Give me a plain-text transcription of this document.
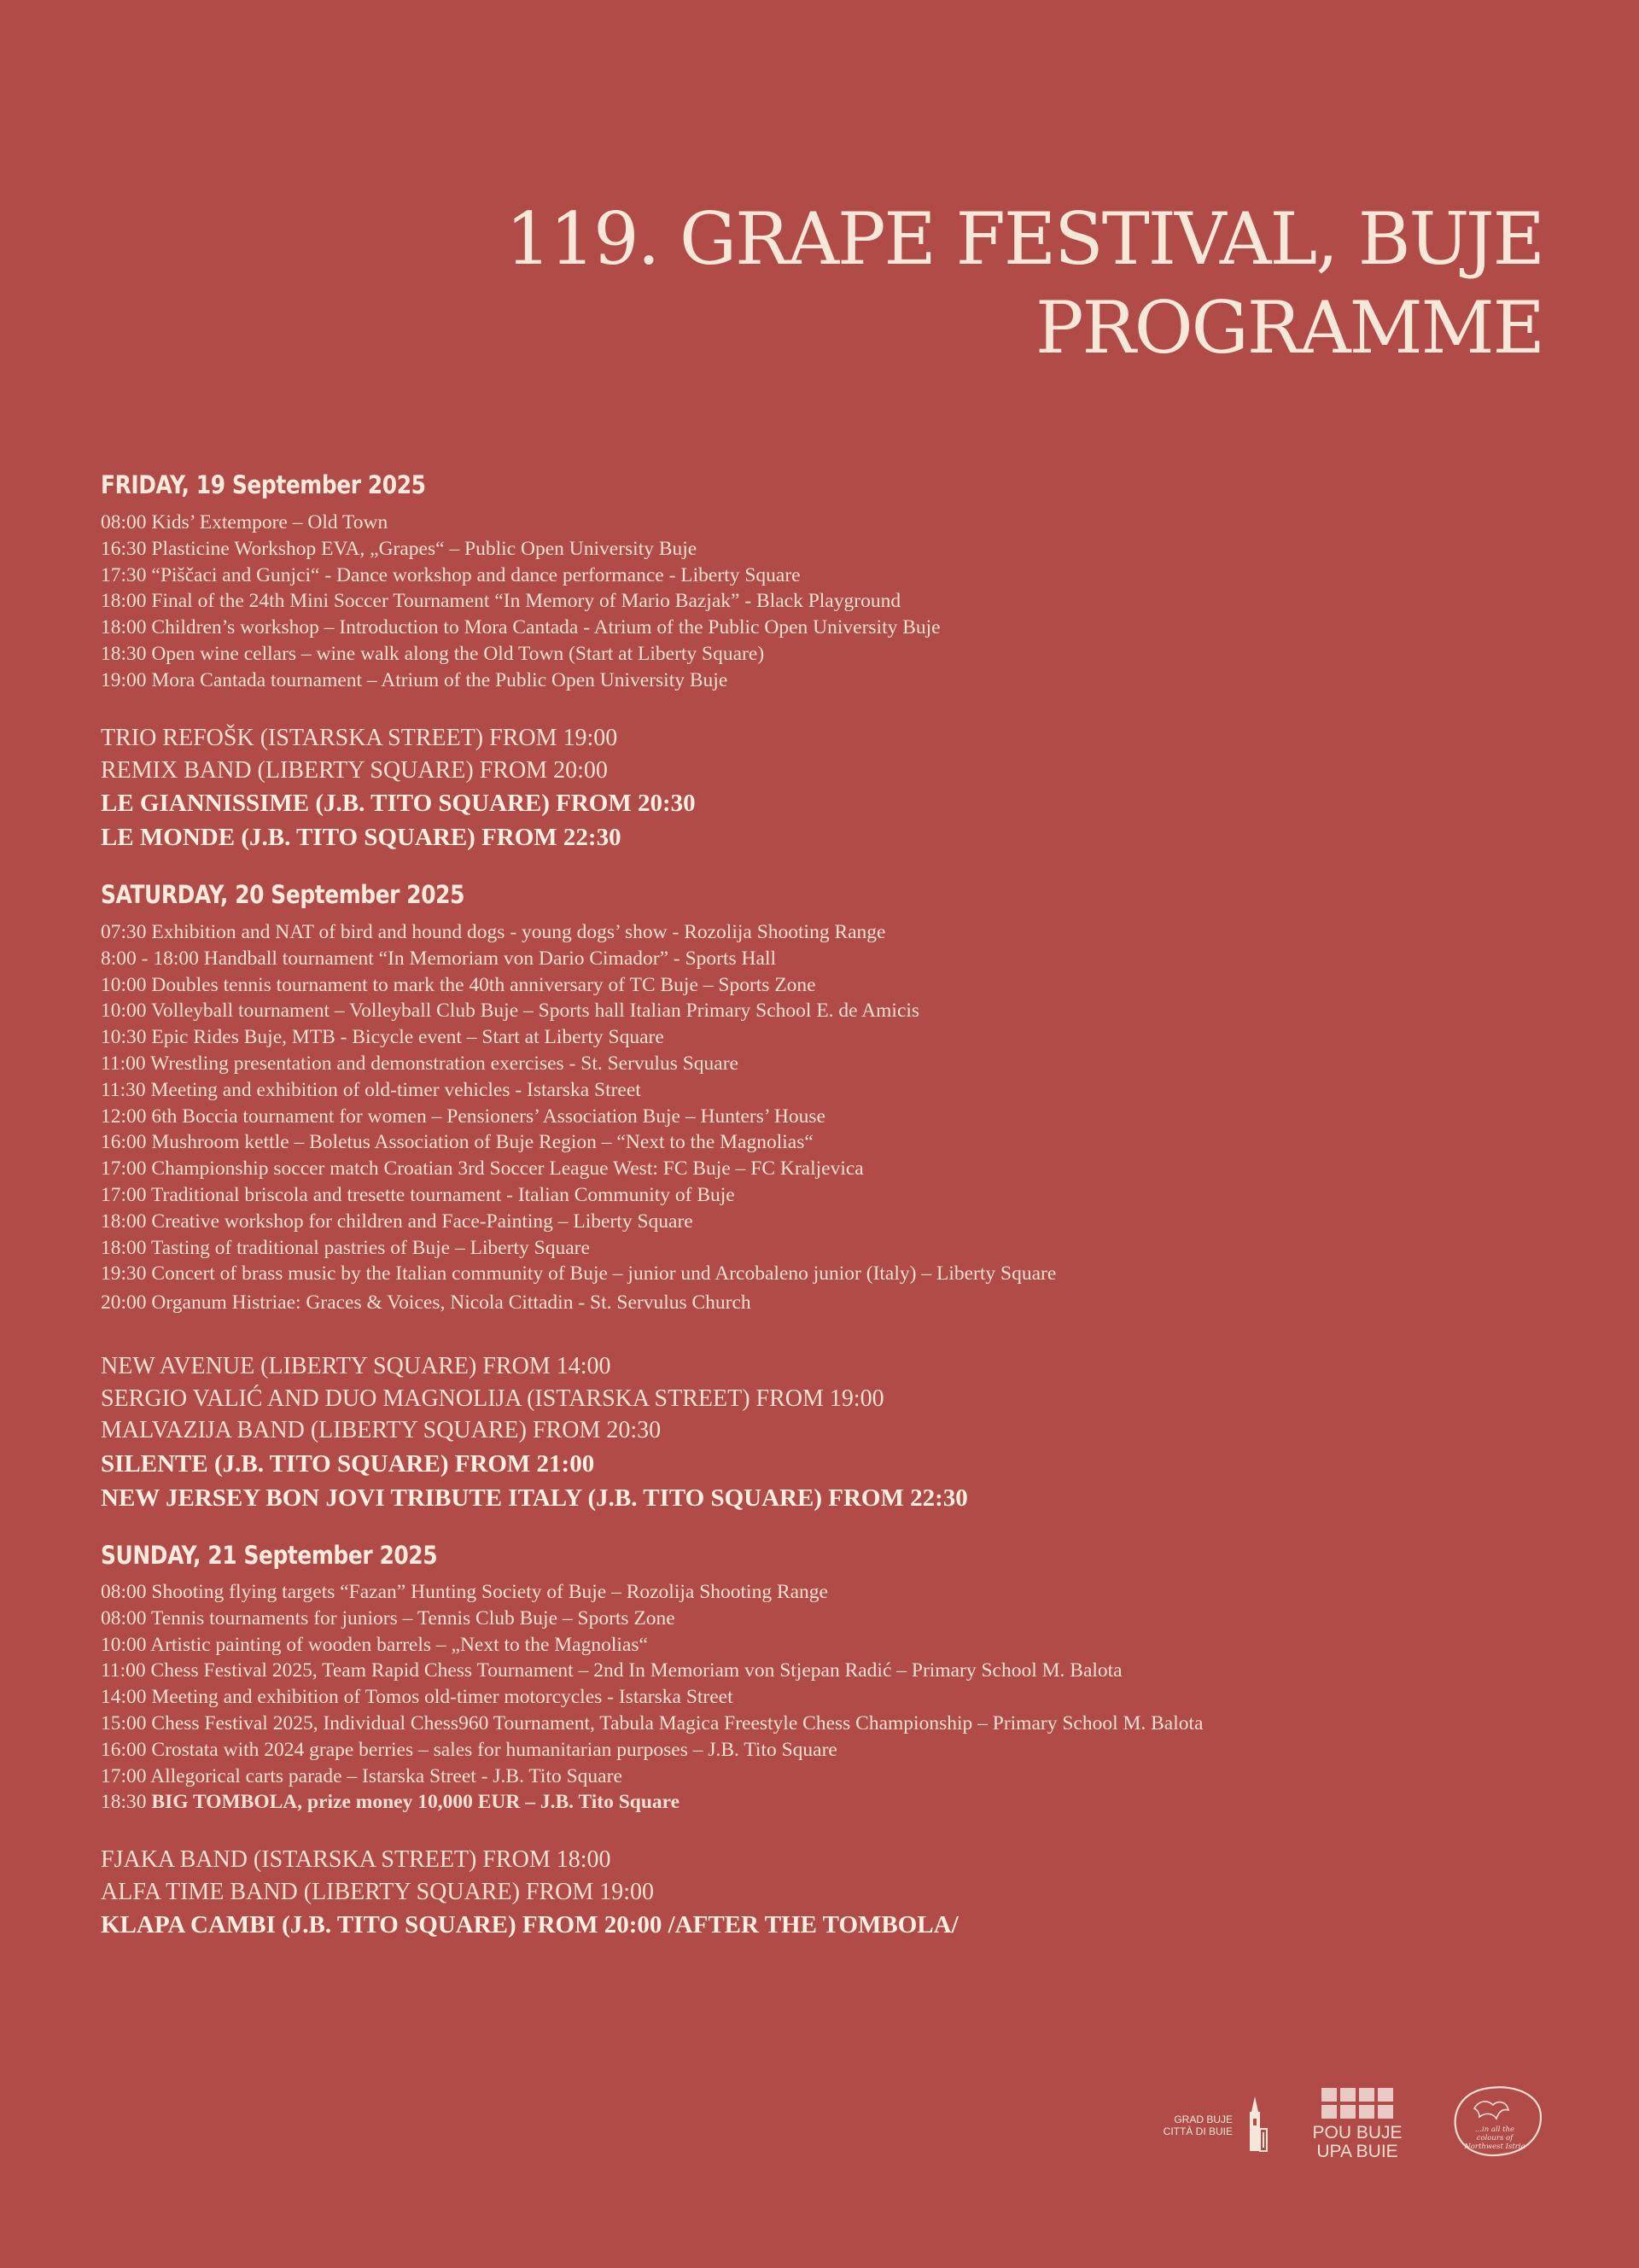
119. GRAPE FESTIVAL, BUJE
PROGRAMME
FRIDAY, 19 September 2025
08:00 Kids’ Extempore – Old Town
16:30 Plasticine Workshop EVA, „Grapes“ – Public Open University Buje
17:30 “Piščaci and Gunjci“ - Dance workshop and dance performance - Liberty Square
18:00 Final of the 24th Mini Soccer Tournament “In Memory of Mario Bazjak” - Black Playground
18:00 Children’s workshop – Introduction to Mora Cantada - Atrium of the Public Open University Buje
18:30 Open wine cellars – wine walk along the Old Town (Start at Liberty Square)
19:00 Mora Cantada tournament – Atrium of the Public Open University Buje
TRIO REFOŠK (ISTARSKA STREET) FROM 19:00
REMIX BAND (LIBERTY SQUARE) FROM 20:00
LE GIANNISSIME (J.B. TITO SQUARE) FROM 20:30
LE MONDE (J.B. TITO SQUARE) FROM 22:30
SATURDAY, 20 September 2025
07:30 Exhibition and NAT of bird and hound dogs - young dogs’ show - Rozolija Shooting Range
8:00 - 18:00 Handball tournament “In Memoriam von Dario Cimador” - Sports Hall
10:00 Doubles tennis tournament to mark the 40th anniversary of TC Buje – Sports Zone
10:00 Volleyball tournament – Volleyball Club Buje – Sports hall Italian Primary School E. de Amicis
10:30 Epic Rides Buje, MTB - Bicycle event – Start at Liberty Square
11:00 Wrestling presentation and demonstration exercises - St. Servulus Square
11:30 Meeting and exhibition of old-timer vehicles - Istarska Street
12:00 6th Boccia tournament for women – Pensioners’ Association Buje – Hunters’ House
16:00 Mushroom kettle – Boletus Association of Buje Region – “Next to the Magnolias“
17:00 Championship soccer match Croatian 3rd Soccer League West: FC Buje – FC Kraljevica
17:00 Traditional briscola and tresette tournament - Italian Community of Buje
18:00 Creative workshop for children and Face-Painting – Liberty Square
18:00 Tasting of traditional pastries of Buje – Liberty Square
19:30 Concert of brass music by the Italian community of Buje – junior und Arcobaleno junior (Italy) – Liberty Square
20:00 Organum Histriae: Graces & Voices, Nicola Cittadin - St. Servulus Church
NEW AVENUE (LIBERTY SQUARE) FROM 14:00
SERGIO VALIĆ AND DUO MAGNOLIJA (ISTARSKA STREET) FROM 19:00
MALVAZIJA BAND (LIBERTY SQUARE) FROM 20:30
SILENTE (J.B. TITO SQUARE) FROM 21:00
NEW JERSEY BON JOVI TRIBUTE ITALY (J.B. TITO SQUARE) FROM 22:30
SUNDAY, 21 September 2025
08:00 Shooting flying targets “Fazan” Hunting Society of Buje – Rozolija Shooting Range
08:00 Tennis tournaments for juniors – Tennis Club Buje – Sports Zone
10:00 Artistic painting of wooden barrels – „Next to the Magnolias“
11:00 Chess Festival 2025, Team Rapid Chess Tournament – 2nd In Memoriam von Stjepan Radić – Primary School M. Balota
14:00 Meeting and exhibition of Tomos old-timer motorcycles - Istarska Street
15:00 Chess Festival 2025, Individual Chess960 Tournament, Tabula Magica Freestyle Chess Championship – Primary School M. Balota
16:00 Crostata with 2024 grape berries – sales for humanitarian purposes – J.B. Tito Square
17:00 Allegorical carts parade – Istarska Street - J.B. Tito Square
18:30 BIG TOMBOLA, prize money 10,000 EUR – J.B. Tito Square
FJAKA BAND (ISTARSKA STREET) FROM 18:00
ALFA TIME BAND (LIBERTY SQUARE) FROM 19:00
KLAPA CAMBI (J.B. TITO SQUARE) FROM 20:00 /AFTER THE TOMBOLA/
GRAD BUJE
CITTÀ DI BUIE	POU BUJE
UPA BUIE
...in all the colours of Northwest Istria
